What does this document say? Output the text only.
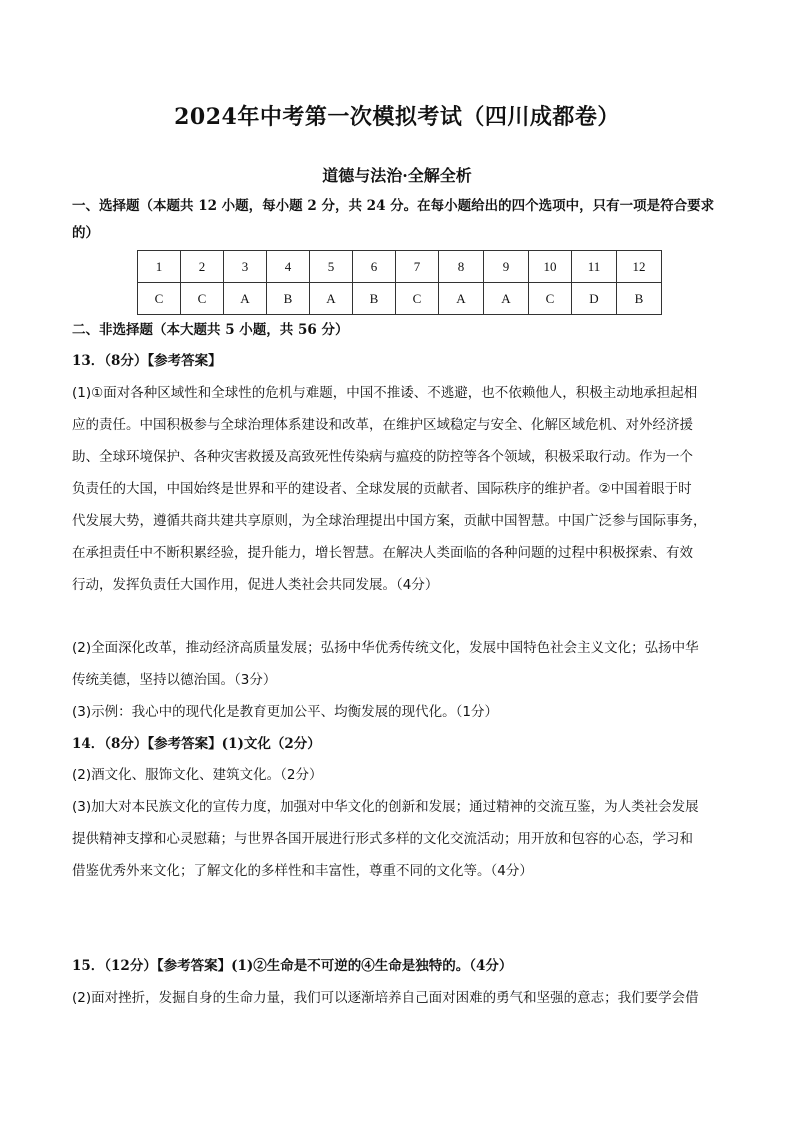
2024年中考第一次模拟考试（四川成都卷）
道德与法治·全解全析
一、选择题（本题共 12 小题，每小题 2 分，共 24 分。在每小题给出的四个选项中，只有一项是符合要求
的）
1	2	3	4	5	6	7	8	9	10	11	12
C	C	A	B	A	B	C	A	A	C	D	B
二、非选择题（本大题共 5 小题，共 56 分）
13．（8分）【参考答案】
(1)①面对各种区域性和全球性的危机与难题，中国不推诿、不逃避，也不依赖他人，积极主动地承担起相
应的责任。中国积极参与全球治理体系建设和改革，在维护区域稳定与安全、化解区域危机、对外经济援
助、全球环境保护、各种灾害救援及高致死性传染病与瘟疫的防控等各个领域，积极采取行动。作为一个
负责任的大国，中国始终是世界和平的建设者、全球发展的贡献者、国际秩序的维护者。②中国着眼于时
代发展大势，遵循共商共建共享原则，为全球治理提出中国方案，贡献中国智慧。中国广泛参与国际事务，
在承担责任中不断积累经验，提升能力，增长智慧。在解决人类面临的各种问题的过程中积极探索、有效
行动，发挥负责任大国作用，促进人类社会共同发展。（4分）
(2)全面深化改革，推动经济高质量发展；弘扬中华优秀传统文化，发展中国特色社会主义文化；弘扬中华
传统美德，坚持以德治国。（3分）
(3)示例：我心中的现代化是教育更加公平、均衡发展的现代化。（1分）
14．（8分）【参考答案】(1)文化（2分）
(2)酒文化、服饰文化、建筑文化。（2分）
(3)加大对本民族文化的宣传力度，加强对中华文化的创新和发展；通过精神的交流互鉴，为人类社会发展
提供精神支撑和心灵慰藉；与世界各国开展进行形式多样的文化交流活动；用开放和包容的心态，学习和
借鉴优秀外来文化；了解文化的多样性和丰富性，尊重不同的文化等。（4分）
15．（12分）【参考答案】(1)②生命是不可逆的④生命是独特的。（4分）
(2)面对挫折，发掘自身的生命力量，我们可以逐渐培养自己面对困难的勇气和坚强的意志；我们要学会借
